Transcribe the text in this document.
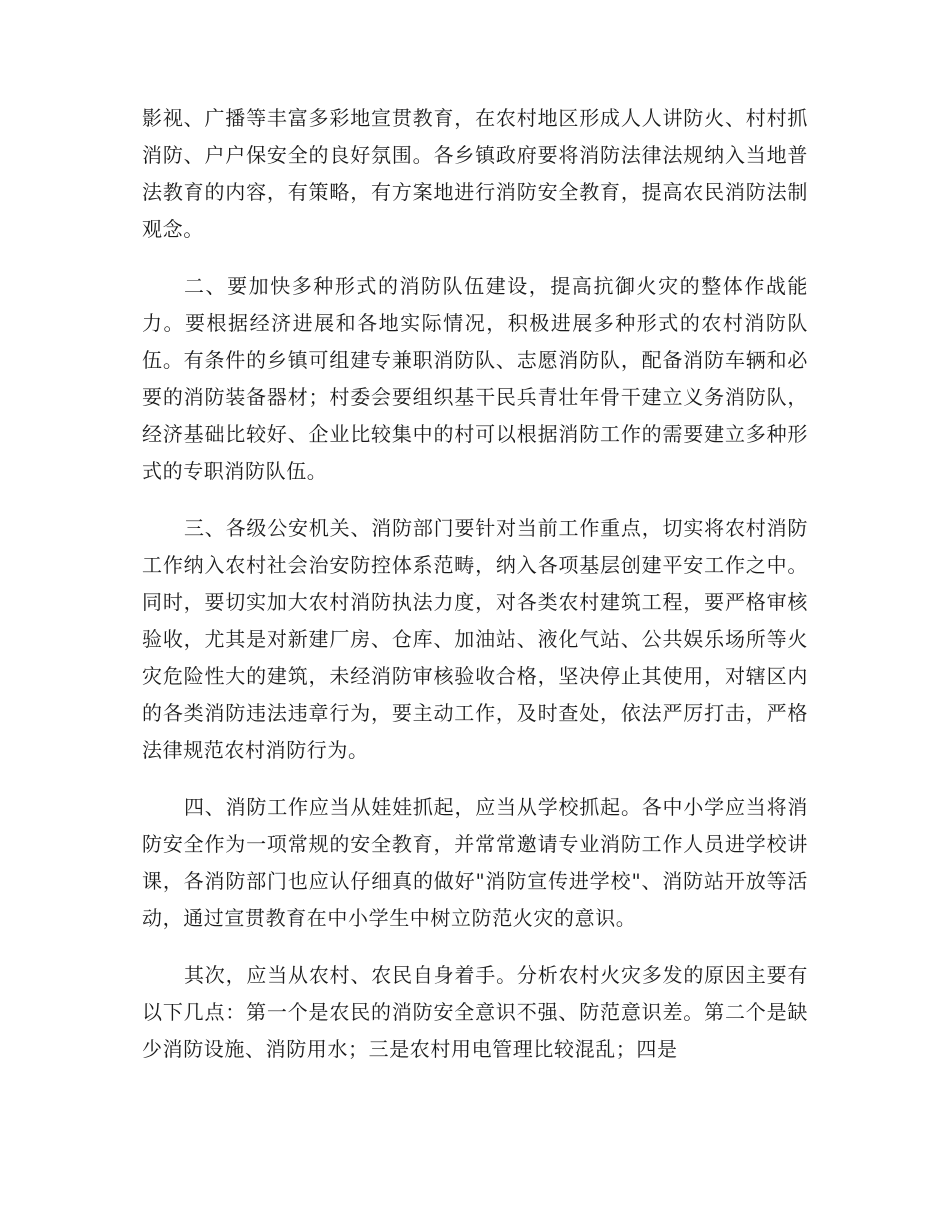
影视、广播等丰富多彩地宣贯教育，在农村地区形成人人讲防火、村村抓消防、户户保安全的良好氛围。各乡镇政府要将消防法律法规纳入当地普法教育的内容，有策略，有方案地进行消防安全教育，提高农民消防法制观念。

二、要加快多种形式的消防队伍建设，提高抗御火灾的整体作战能力。要根据经济进展和各地实际情况，积极进展多种形式的农村消防队伍。有条件的乡镇可组建专兼职消防队、志愿消防队，配备消防车辆和必要的消防装备器材；村委会要组织基干民兵青壮年骨干建立义务消防队，经济基础比较好、企业比较集中的村可以根据消防工作的需要建立多种形式的专职消防队伍。

三、各级公安机关、消防部门要针对当前工作重点，切实将农村消防工作纳入农村社会治安防控体系范畴，纳入各项基层创建平安工作之中。同时，要切实加大农村消防执法力度，对各类农村建筑工程，要严格审核验收，尤其是对新建厂房、仓库、加油站、液化气站、公共娱乐场所等火灾危险性大的建筑，未经消防审核验收合格，坚决停止其使用，对辖区内的各类消防违法违章行为，要主动工作，及时查处，依法严厉打击，严格法律规范农村消防行为。

四、消防工作应当从娃娃抓起，应当从学校抓起。各中小学应当将消防安全作为一项常规的安全教育，并常常邀请专业消防工作人员进学校讲课，各消防部门也应认仔细真的做好"消防宣传进学校"、消防站开放等活动，通过宣贯教育在中小学生中树立防范火灾的意识。

其次，应当从农村、农民自身着手。分析农村火灾多发的原因主要有以下几点：第一个是农民的消防安全意识不强、防范意识差。第二个是缺少消防设施、消防用水；三是农村用电管理比较混乱；四是
